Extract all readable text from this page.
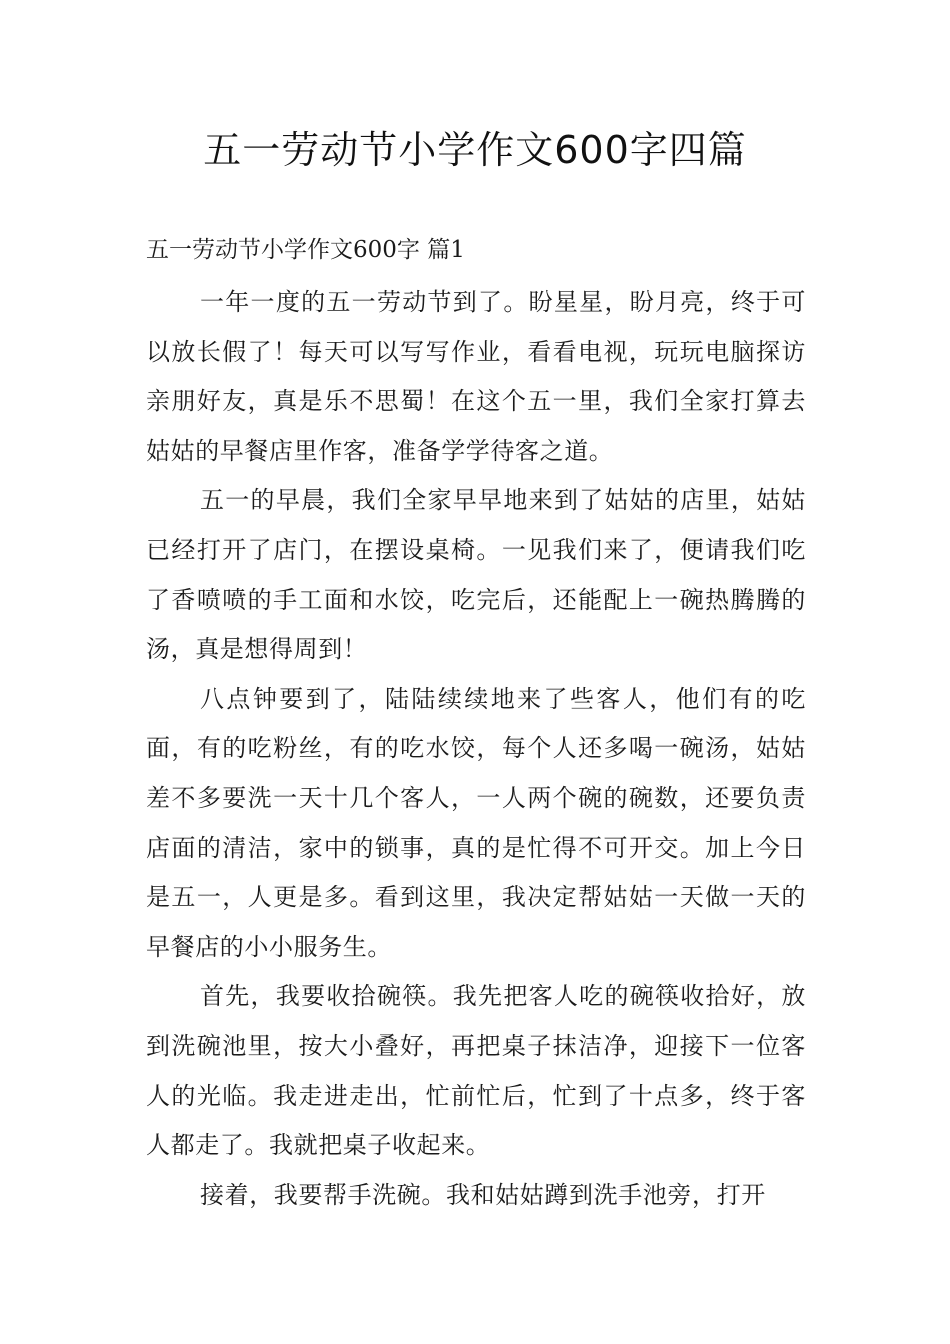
五一劳动节小学作文600字四篇
五一劳动节小学作文600字 篇1

一年一度的五一劳动节到了。盼星星，盼月亮，终于可以放长假了！每天可以写写作业，看看电视，玩玩电脑探访亲朋好友，真是乐不思蜀！在这个五一里，我们全家打算去姑姑的早餐店里作客，准备学学待客之道。

五一的早晨，我们全家早早地来到了姑姑的店里，姑姑已经打开了店门，在摆设桌椅。一见我们来了，便请我们吃了香喷喷的手工面和水饺，吃完后，还能配上一碗热腾腾的汤，真是想得周到！

八点钟要到了，陆陆续续地来了些客人，他们有的吃面，有的吃粉丝，有的吃水饺，每个人还多喝一碗汤，姑姑差不多要洗一天十几个客人，一人两个碗的碗数，还要负责店面的清洁，家中的锁事，真的是忙得不可开交。加上今日是五一，人更是多。看到这里，我决定帮姑姑一天做一天的早餐店的小小服务生。

首先，我要收拾碗筷。我先把客人吃的碗筷收拾好，放到洗碗池里，按大小叠好，再把桌子抹洁净，迎接下一位客人的光临。我走进走出，忙前忙后，忙到了十点多，终于客人都走了。我就把桌子收起来。

接着，我要帮手洗碗。我和姑姑蹲到洗手池旁，打开
